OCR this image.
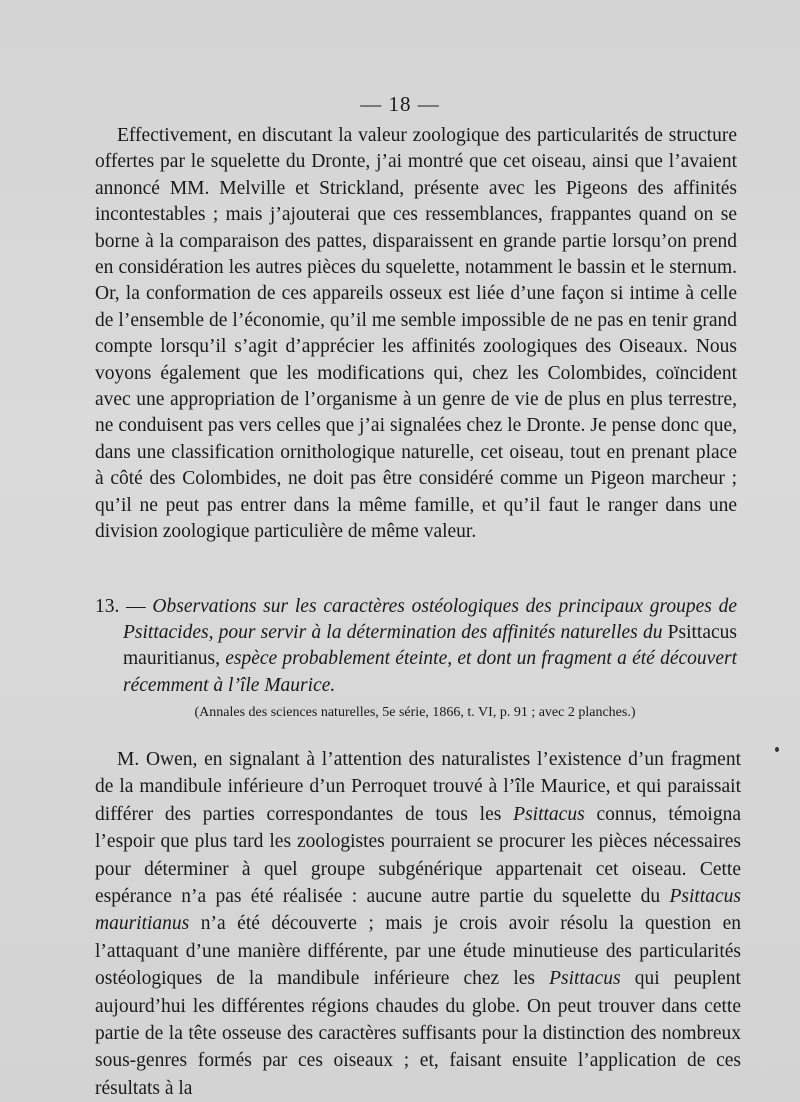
— 18 —

Effectivement, en discutant la valeur zoologique des particularités de structure offertes par le squelette du Dronte, j’ai montré que cet oiseau, ainsi que l’avaient annoncé MM. Melville et Strickland, présente avec les Pigeons des affinités incontestables ; mais j’ajouterai que ces ressemblances, frappantes quand on se borne à la comparaison des pattes, disparaissent en grande partie lorsqu’on prend en considération les autres pièces du squelette, notamment le bassin et le sternum. Or, la conformation de ces appareils osseux est liée d’une façon si intime à celle de l’ensemble de l’économie, qu’il me semble impossible de ne pas en tenir grand compte lorsqu’il s’agit d’apprécier les affinités zoologiques des Oiseaux. Nous voyons également que les modifications qui, chez les Colombides, coïncident avec une appropriation de l’organisme à un genre de vie de plus en plus terrestre, ne conduisent pas vers celles que j’ai signalées chez le Dronte. Je pense donc que, dans une classification ornithologique naturelle, cet oiseau, tout en prenant place à côté des Colombides, ne doit pas être considéré comme un Pigeon marcheur ; qu’il ne peut pas entrer dans la même famille, et qu’il faut le ranger dans une division zoologique particulière de même valeur.

13. — Observations sur les caractères ostéologiques des principaux groupes de Psittacides, pour servir à la détermination des affinités naturelles du Psittacus mauritianus, espèce probablement éteinte, et dont un fragment a été découvert récemment à l’île Maurice.

(Annales des sciences naturelles, 5e série, 1866, t. VI, p. 91 ; avec 2 planches.)

M. Owen, en signalant à l’attention des naturalistes l’existence d’un fragment de la mandibule inférieure d’un Perroquet trouvé à l’île Maurice, et qui paraissait différer des parties correspondantes de tous les Psittacus connus, témoigna l’espoir que plus tard les zoologistes pourraient se procurer les pièces nécessaires pour déterminer à quel groupe subgénérique appartenait cet oiseau. Cette espérance n’a pas été réalisée : aucune autre partie du squelette du Psittacus mauritianus n’a été découverte ; mais je crois avoir résolu la question en l’attaquant d’une manière différente, par une étude minutieuse des particularités ostéologiques de la mandibule inférieure chez les Psittacus qui peuplent aujourd’hui les différentes régions chaudes du globe. On peut trouver dans cette partie de la tête osseuse des caractères suffisants pour la distinction des nombreux sous-genres formés par ces oiseaux ; et, faisant ensuite l’application de ces résultats à la
